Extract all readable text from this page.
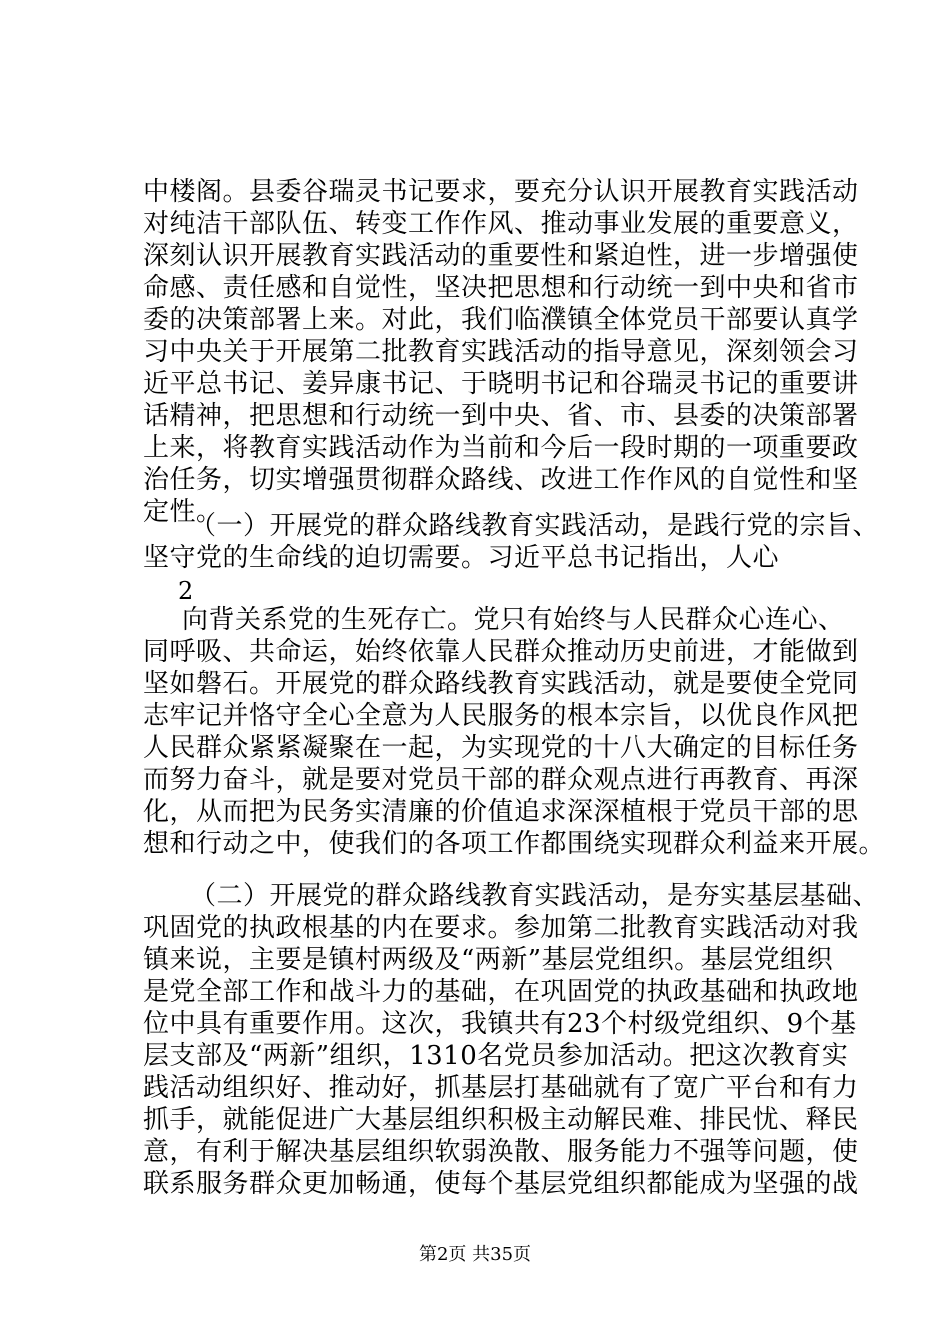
中楼阁。县委谷瑞灵书记要求，要充分认识开展教育实践活动
对纯洁干部队伍、转变工作作风、推动事业发展的重要意义，
深刻认识开展教育实践活动的重要性和紧迫性，进一步增强使
命感、责任感和自觉性，坚决把思想和行动统一到中央和省市
委的决策部署上来。对此，我们临濮镇全体党员干部要认真学
习中央关于开展第二批教育实践活动的指导意见，深刻领会习
近平总书记、姜异康书记、于晓明书记和谷瑞灵书记的重要讲
话精神，把思想和行动统一到中央、省、市、县委的决策部署
上来，将教育实践活动作为当前和今后一段时期的一项重要政
治任务，切实增强贯彻群众路线、改进工作作风的自觉性和坚
定性。
（一）开展党的群众路线教育实践活动，是践行党的宗旨、
坚守党的生命线的迫切需要。习近平总书记指出，人心
2
向背关系党的生死存亡。党只有始终与人民群众心连心、
同呼吸、共命运，始终依靠人民群众推动历史前进，才能做到
坚如磐石。开展党的群众路线教育实践活动，就是要使全党同
志牢记并恪守全心全意为人民服务的根本宗旨，以优良作风把
人民群众紧紧凝聚在一起，为实现党的十八大确定的目标任务
而努力奋斗，就是要对党员干部的群众观点进行再教育、再深
化，从而把为民务实清廉的价值追求深深植根于党员干部的思
想和行动之中，使我们的各项工作都围绕实现群众利益来开展。
（二）开展党的群众路线教育实践活动，是夯实基层基础、
巩固党的执政根基的内在要求。参加第二批教育实践活动对我
镇来说，主要是镇村两级及“两新”基层党组织。基层党组织
是党全部工作和战斗力的基础，在巩固党的执政基础和执政地
位中具有重要作用。这次，我镇共有23个村级党组织、9个基
层支部及“两新”组织，1310名党员参加活动。把这次教育实
践活动组织好、推动好，抓基层打基础就有了宽广平台和有力
抓手，就能促进广大基层组织积极主动解民难、排民忧、释民
意，有利于解决基层组织软弱涣散、服务能力不强等问题，使
联系服务群众更加畅通，使每个基层党组织都能成为坚强的战
第2页 共35页
